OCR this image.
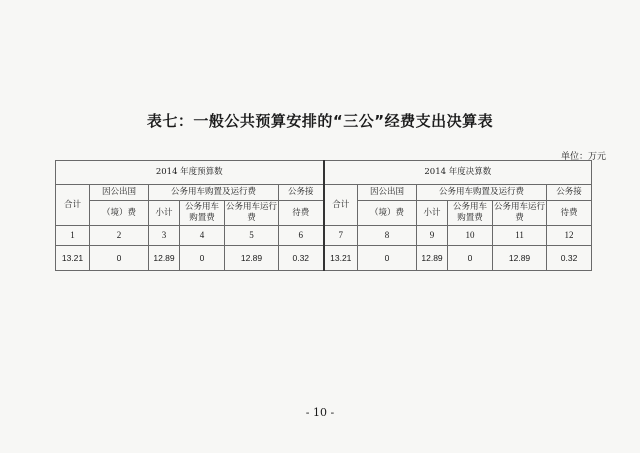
表七：一般公共预算安排的“三公”经费支出决算表
单位：万元
2014 年度预算数						2014 年度决算数					
合计	因公出国	公务用车购置及运行费			公务接	合计	因公出国	公务用车购置及运行费			公务接
	（境）费	小计	公务用车购置费	公务用车运行费	待费		（境）费	小计	公务用车购置费	公务用车运行费	待费
1	2	3	4	5	6	7	8	9	10	11	12
13.21	0	12.89	0	12.89	0.32	13.21	0	12.89	0	12.89	0.32
- 10 -
